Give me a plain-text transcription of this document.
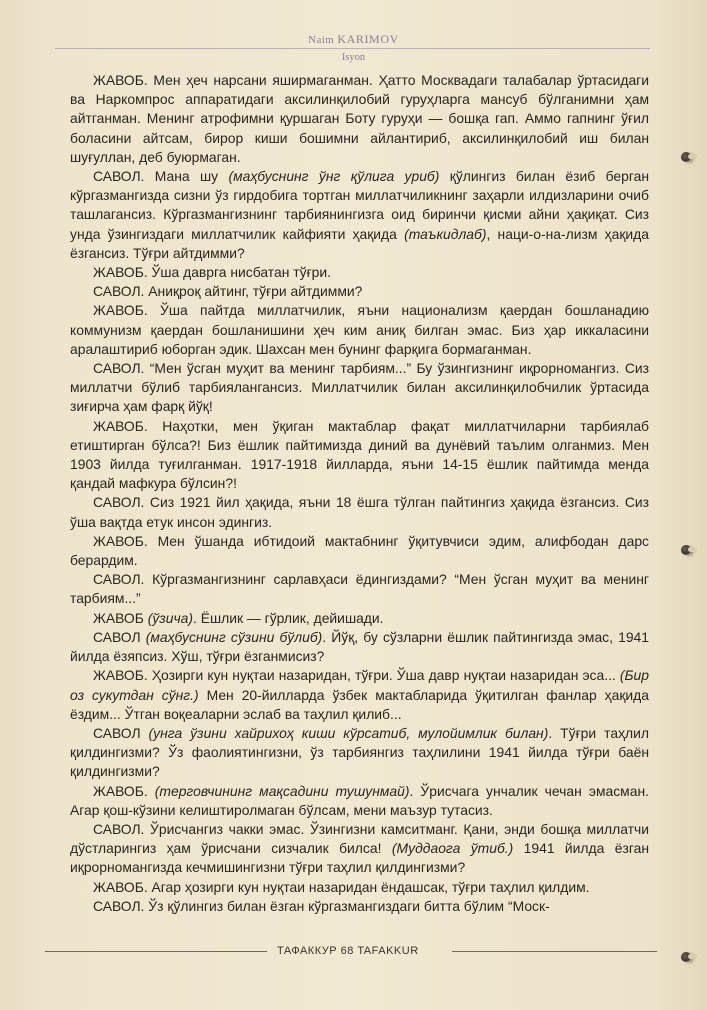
Naim KARIMOV
Isyon

ЖАВОБ. Мен ҳеч нарсани яширмаганман. Ҳатто Москвадаги талабалар ўртасидаги ва Наркомпрос аппаратидаги аксилинқилобий гуруҳларга мансуб бўлганимни ҳам айтганман. Менинг атрофимни қуршаган Боту гуруҳи — бошқа гап. Аммо гапнинг ўғил боласини айтсам, бирор киши бошимни айлантириб, аксилинқилобий иш билан шуғуллан, деб буюрмаган.

САВОЛ. Мана шу (маҳбуснинг ўнг қўлига уриб) қўлингиз билан ёзиб берган кўргазмангизда сизни ўз гирдобига тортган миллатчиликнинг заҳарли илдизларини очиб ташлагансиз. Кўргазмангизнинг тарбиянингизга оид биринчи қисми айни ҳақиқат. Сиз унда ўзингиздаги миллатчилик кайфияти ҳақида (таъкидлаб), наци-о-на-лизм ҳақида ёзгансиз. Тўғри айтдимми?

ЖАВОБ. Ўша даврга нисбатан тўғри.

САВОЛ. Аниқроқ айтинг, тўғри айтдимми?

ЖАВОБ. Ўша пайтда миллатчилик, яъни национализм қаердан бошланадию коммунизм қаердан бошланишини ҳеч ким аниқ билган эмас. Биз ҳар иккаласини аралаштириб юборган эдик. Шахсан мен бунинг фарқига бормаганман.

САВОЛ. “Мен ўсган муҳит ва менинг тарбиям...” Бу ўзингизнинг иқрорномангиз. Сиз миллатчи бўлиб тарбияланганcиз. Миллатчилик билан аксилинқилобчилик ўртасида зиғирча ҳам фарқ йўқ!

ЖАВОБ. Наҳотки, мен ўқиган мактаблар фақат миллатчиларни тарбиялаб етиштирган бўлса?! Биз ёшлик пайтимизда диний ва дунёвий таълим олганмиз. Мен 1903 йилда туғилганман. 1917-1918 йилларда, яъни 14-15 ёшлик пайтимда менда қандай мафкура бўлсин?!

САВОЛ. Сиз 1921 йил ҳақида, яъни 18 ёшга тўлган пайтингиз ҳақида ёзгансиз. Сиз ўша вақтда етук инсон эдингиз.

ЖАВОБ. Мен ўшанда ибтидоий мактабнинг ўқитувчиси эдим, алифбодан дарс берардим.

САВОЛ. Кўргазмангизнинг сарлавҳаси ёдингиздами? “Мен ўсган муҳит ва менинг тарбиям...”

ЖАВОБ (ўзича). Ёшлик — гўрлик, дейишади.

САВОЛ (маҳбуснинг сўзини бўлиб). Йўқ, бу сўзларни ёшлик пайтингизда эмас, 1941 йилда ёзяпсиз. Хўш, тўғри ёзганмисиз?

ЖАВОБ. Ҳозирги кун нуқтаи назаридан, тўғри. Ўша давр нуқтаи назаридан эса... (Бир оз сукутдан сўнг.) Мен 20-йилларда ўзбек мактабларида ўқитилган фанлар ҳақида ёздим... Ўтган воқеаларни эслаб ва таҳлил қилиб...

САВОЛ (унга ўзини хайрихоҳ киши кўрсатиб, мулойимлик билан). Тўғри таҳлил қилдингизми? Ўз фаолиятингизни, ўз тарбиянгиз таҳлилини 1941 йилда тўғри баён қилдингизми?

ЖАВОБ. (терговчининг мақсадини тушунмай). Ўрисчага унчалик чечан эмасман. Агар қош-кўзини келиштиролмаган бўлсам, мени маъзур тутасиз.

САВОЛ. Ўрисчангиз чакки эмас. Ўзингизни камситманг. Қани, энди бошқа миллатчи дўстларингиз ҳам ўрисчани сизчалик билса! (Муддаога ўтиб.) 1941 йилда ёзган иқрорномангизда кечмишингизни тўғри таҳлил қилдингизми?

ЖАВОБ. Агар ҳозирги кун нуқтаи назаридан ёндашсак, тўғри таҳлил қилдим.

САВОЛ. Ўз қўлингиз билан ёзган кўргазмангиздаги битта бўлим “Моск-

ТАФАККУР 68 TAFAKKUR
